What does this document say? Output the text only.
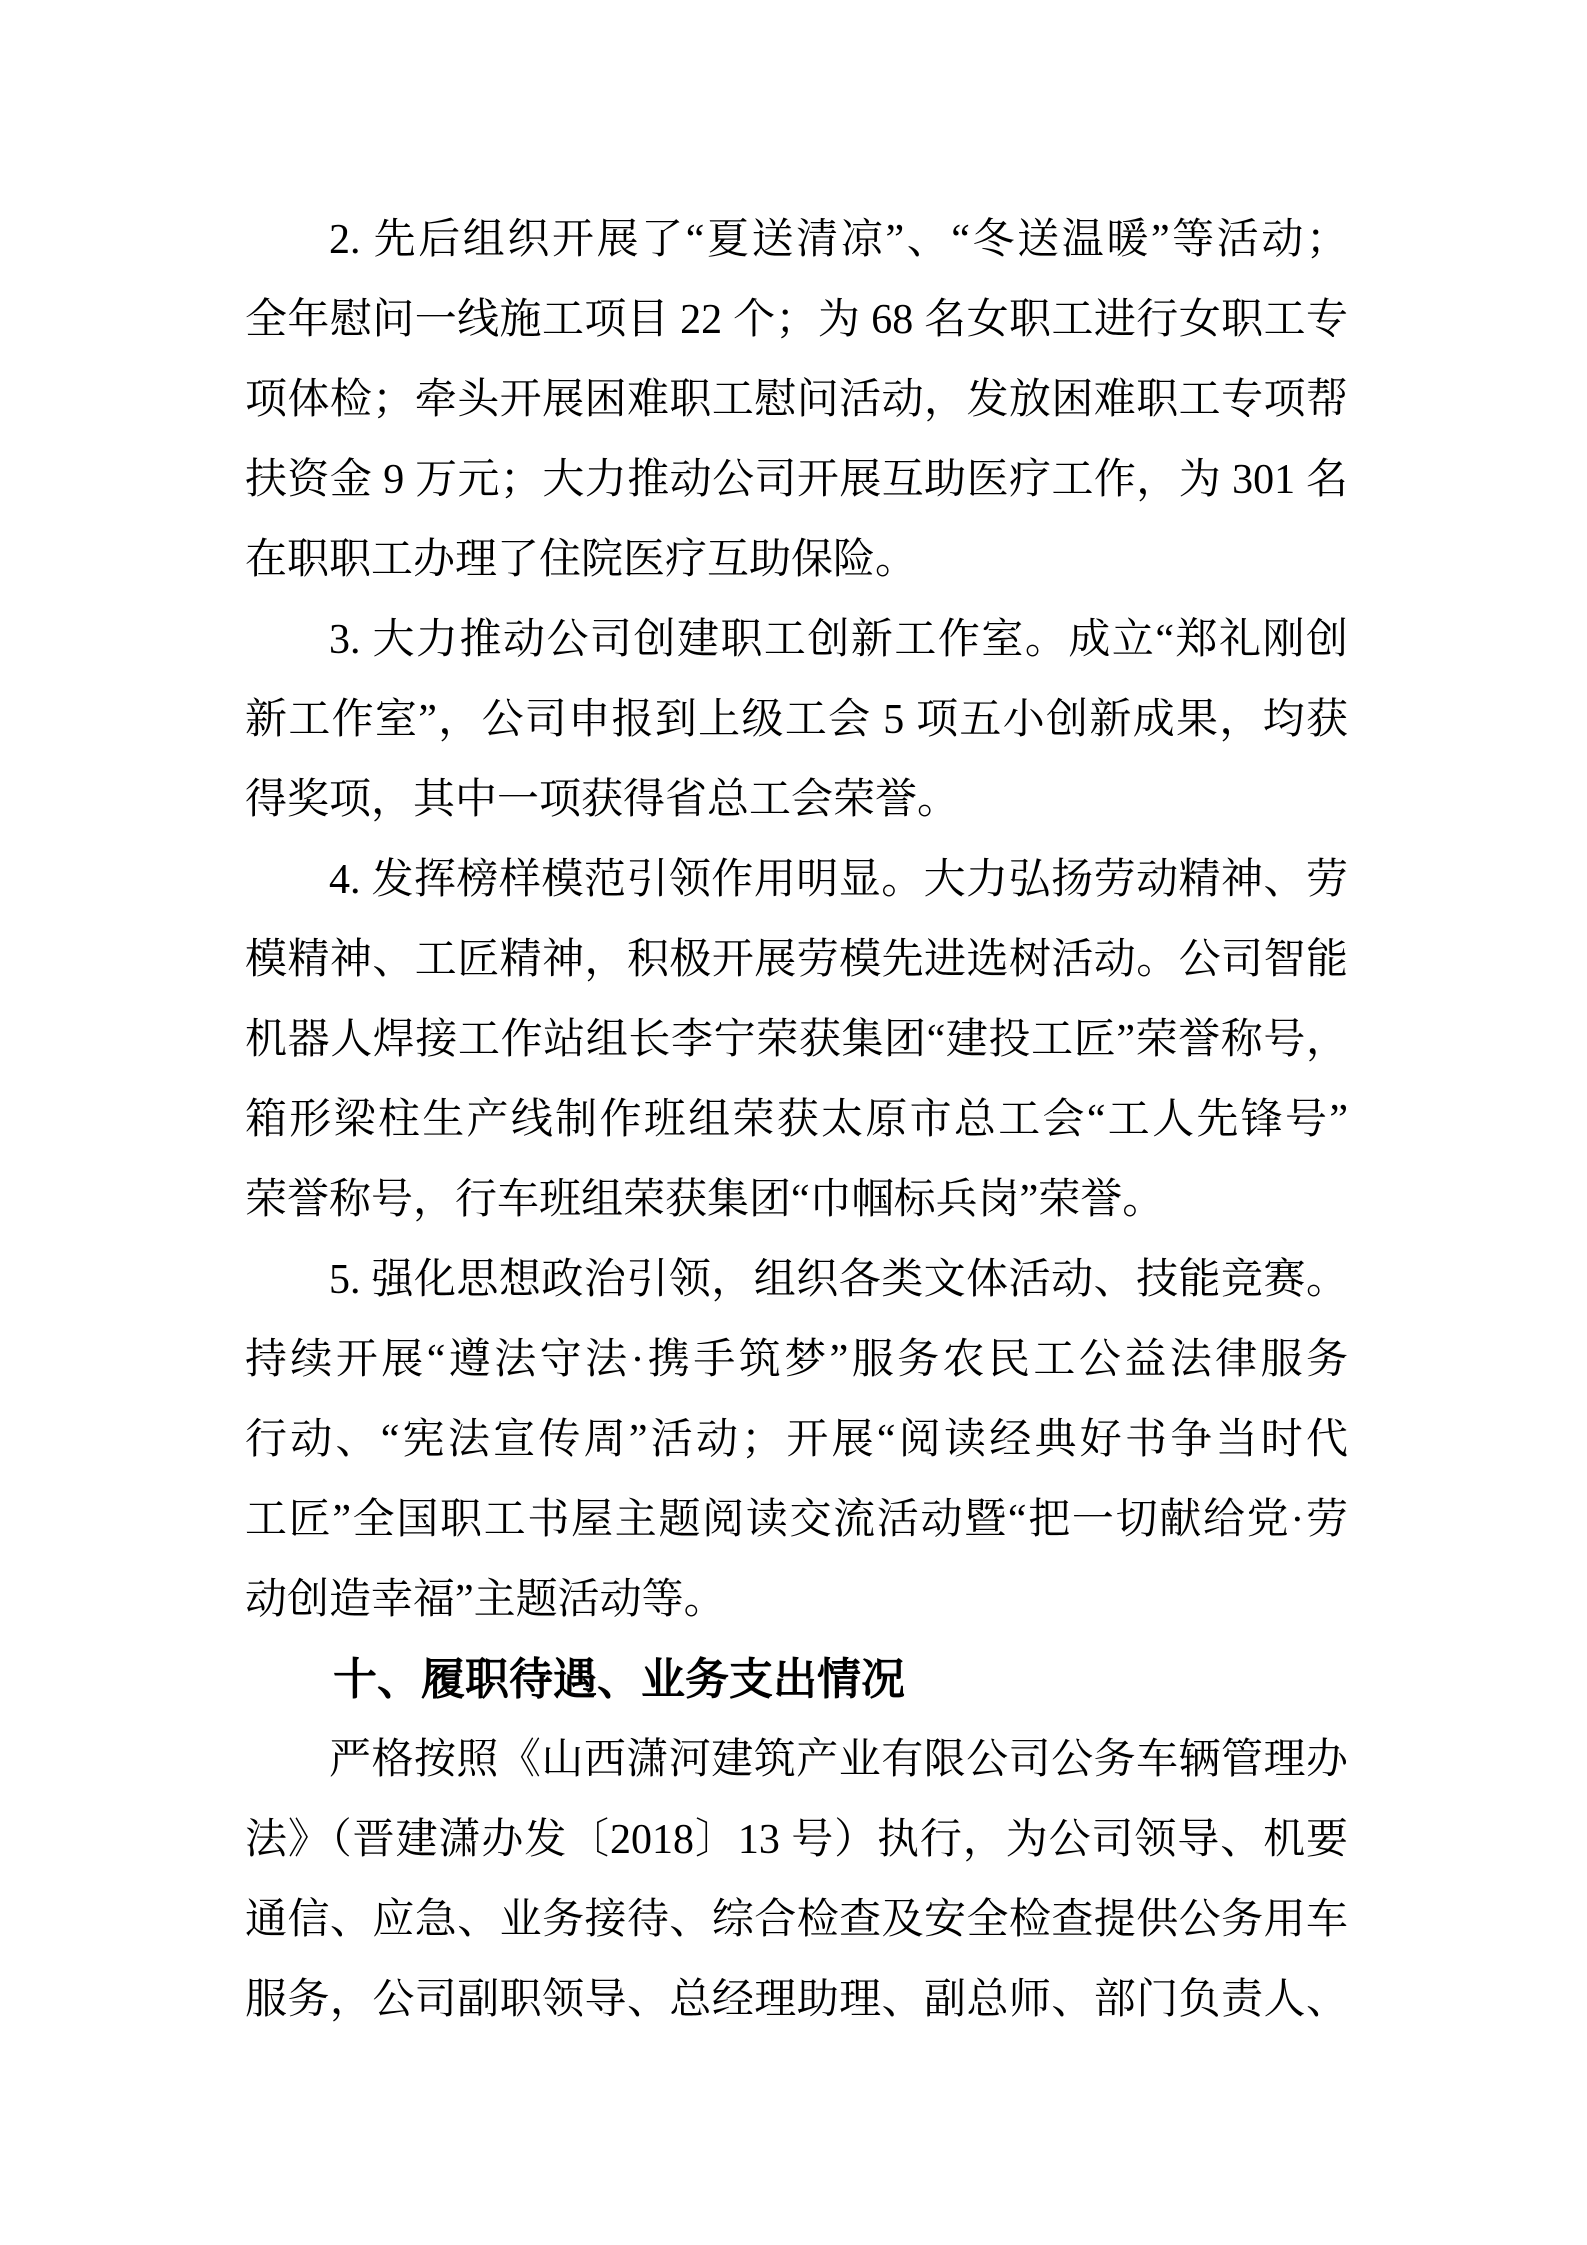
2. 先后组织开展了“夏送清凉”、“冬送温暖”等活动；
全年慰问一线施工项目 22 个；为 68 名女职工进行女职工专
项体检；牵头开展困难职工慰问活动，发放困难职工专项帮
扶资金 9 万元；大力推动公司开展互助医疗工作，为 301 名
在职职工办理了住院医疗互助保险。
3. 大力推动公司创建职工创新工作室。成立“郑礼刚创
新工作室”，公司申报到上级工会 5 项五小创新成果，均获
得奖项，其中一项获得省总工会荣誉。
4. 发挥榜样模范引领作用明显。大力弘扬劳动精神、劳
模精神、工匠精神，积极开展劳模先进选树活动。公司智能
机器人焊接工作站组长李宁荣获集团“建投工匠”荣誉称号，
箱形梁柱生产线制作班组荣获太原市总工会“工人先锋号”
荣誉称号，行车班组荣获集团“巾帼标兵岗”荣誉。
5. 强化思想政治引领，组织各类文体活动、技能竞赛。
持续开展“遵法守法·携手筑梦”服务农民工公益法律服务
行动、“宪法宣传周”活动；开展“阅读经典好书争当时代
工匠”全国职工书屋主题阅读交流活动暨“把一切献给党·劳
动创造幸福”主题活动等。
十、履职待遇、业务支出情况
严格按照《山西潇河建筑产业有限公司公务车辆管理办
法》（晋建潇办发〔2018〕13 号）执行，为公司领导、机要
通信、应急、业务接待、综合检查及安全检查提供公务用车
服务，公司副职领导、总经理助理、副总师、部门负责人、
